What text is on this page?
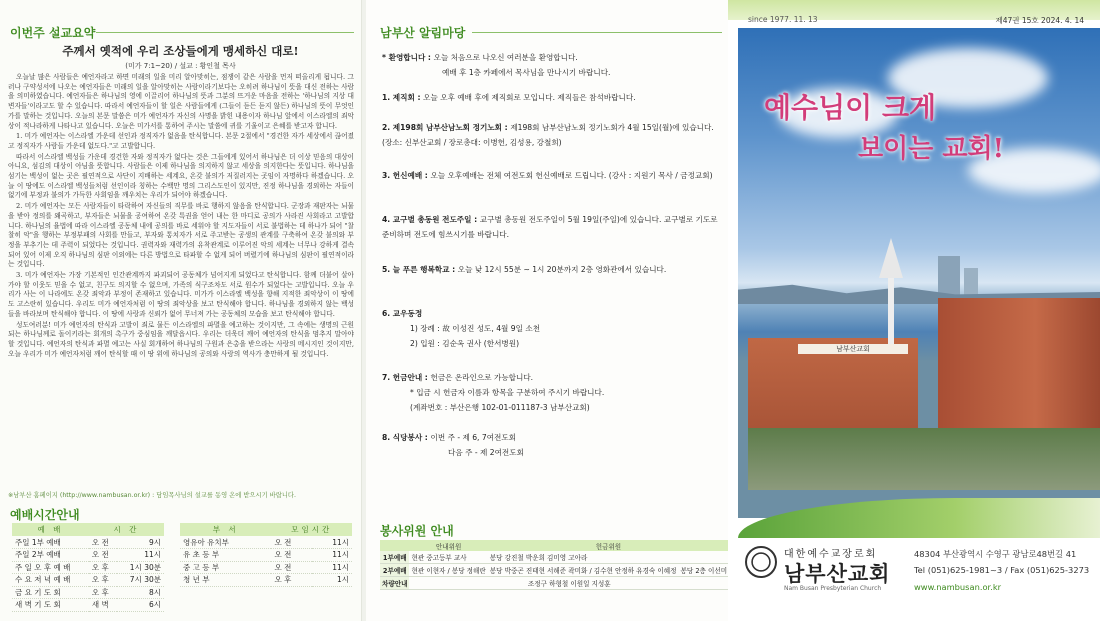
이번주 설교요약
주께서 옛적에 우리 조상들에게 맹세하신 대로!
(미가 7:1~20) / 설교 : 황인철 목사

오늘날 많은 사람들은 예언자라고 하면 미래의 일을 미리 알아맞히는, 점쟁이 같은 사람을 먼저 떠올리게 됩니다. 그러나 구약성서에 나오는 예언자들은 미래의 일을 알아맞히는 사람이라기보다는 오히려 하나님이 뜻을 대신 전하는 사람을 의미하였습니다. 예언자들은 하나님의 영에 이끌리어 하나님의 뜻과 그분의 뜨거운 마음을 전하는 '하나님의 지상 대변자들'이라고도 할 수 있습니다. 따라서 예언자들이 할 일은 사람들에게 (그들이 듣든 듣지 않든) 하나님의 뜻이 무엇인가를 말하는 것입니다. 오늘의 본문 말씀은 미가 예언자가 자신의 사명을 밝힌 내용이자 하나님 앞에서 이스라엘의 죄악상이 적나라하게 나타나고 있습니다. 오늘은 미가서를 통하여 주시는 말씀에 귀를 기울이고 은혜를 받고자 합니다.

1. 미가 예언자는 이스라엘 가운데 선인과 정직자가 없음을 탄식합니다. 본문 2절에서 "경건한 자가 세상에서 끊어졌고 정직자가 사람들 가운데 없도다."고 고발합니다.

따라서 이스라엘 백성들 가운데 경건한 자와 정직자가 없다는 것은 그들에게 있어서 하나님은 더 이상 믿음의 대상이 아니요, 섬김의 대상이 아님을 뜻합니다. 사람들은 이제 하나님을 의지하지 않고 세상을 의지한다는 뜻입니다. 하나님을 섬기는 백성이 없는 곳은 필연적으로 사단이 지배하는 세계요, 온갖 불의가 저질러지는 곳임이 자명하다 하겠습니다. 오늘 이 땅에도 이스라엘 백성들처럼 선인이라 칭하는 수백만 명의 그리스도인이 있지만, 진정 하나님을 경외하는 자들이 없기에 부정과 불의가 가득한 사회임을 깨우치는 우리가 되어야 하겠습니다.

2. 미가 예언자는 모든 사람자들이 타락하여 자신들의 직무를 바로 행하지 않음을 탄식합니다. 군장과 재판자는 뇌물을 받아 정의를 왜곡하고, 부자들은 뇌물을 공여하여 온갖 특권을 얻어 내는 한 마디로 공의가 사라진 사회라고 고발합니다. 하나님의 율법에 따라 이스라엘 공동체 내에 공의를 바로 세워야 할 지도자들이 서로 불법하는 데 하나가 되어 "찰찰히 악"을 행하는 부정부패의 사회를 만들고, 부자와 통치자가 서로 주고받는 공생의 관계를 구축하여 온갖 불의와 부정을 부추기는 데 주력이 되었다는 것입니다. 권력자와 재력가의 유착관계로 이루어진 악의 세계는 너무나 강하게 결속되어 있어 이제 오직 하나님의 심판 이외에는 다른 방법으로 타파할 수 없게 되어 버렸기에 하나님의 심판이 필연적이라는 것입니다.

3. 미가 예언자는 가장 기본적인 인간관계까지 파괴되어 공동체가 넘어지게 되었다고 탄식합니다. 함께 더불어 살아가야 할 이웃도 믿을 수 없고, 친구도 의지할 수 없으며, 가족의 식구조차도 서로 원수가 되었다는 고발입니다. 오늘 우리가 사는 이 나라에도 온갖 죄악과 부정이 존재하고 있습니다. 미가가 이스라엘 백성을 향해 지적한 죄악상이 이 땅에도 고스란히 있습니다. 우리도 미가 예언자처럼 이 땅의 죄악상을 보고 탄식해야 합니다. 하나님을 경외하지 않는 백성들을 바라보며 탄식해야 합니다. 이 땅에 사랑과 신뢰가 없어 무너져 가는 공동체의 모습을 보고 탄식해야 합니다.

성도여러분! 미가 예언자의 탄식과 고발이 죄로 물든 이스라엘의 파멸을 예고하는 것이지만, 그 속에는 생명의 근원되는 하나님께로 돌이키라는 회개의 촉구가 중심임을 깨달읍시다. 우리는 더욱더 깨어 예언자의 탄식을 멈추지 말아야 할 것입니다. 예언자의 탄식과 파멸 예고는 사실 회개하여 하나님의 구원과 은총을 받으라는 사랑의 메시지인 것이지만, 오늘 우리가 미가 예언자처럼 깨어 탄식할 때 이 땅 위에 하나님의 공의와 사랑의 역사가 충만하게 될 것입니다.

※남부산 홈페이지 (http://www.nambusan.or.kr) : 담임목사님의 설교를 동영 온에 받으시기 바랍니다.
예배시간안내
예 배	시 간	
주일 1부 예배	오 전	9시
주일 2부 예배	오 전	11시
주 일 오 후 예 배	오 후	1시 30분
수 요 저 녁 예 배	오 후	7시 30분
금 요 기 도 회	오 후	8시
새 벽 기 도 회	새 벽	6시
부 서	모임시간	
영유아 유치부	오 전	11시
유 초 등 부	오 전	11시
중 고 등 부	오 전	11시
청 년 부	오 후	1시
남부산 알림마당
* 환영합니다 : 오늘 처음으로 나오신 여러분을 환영합니다.
예배 후 1층 카페에서 목사님을 만나시기 바랍니다.
1. 제직회 : 오늘 오후 예배 후에 제직회로 모입니다. 제직들은 참석바랍니다.
2. 제198회 남부산남노회 정기노회 : 제198회 남부산남노회 정기노회가 4월 15일(월)에 있습니다. (장소: 신부산교회 / 장로총대: 이병헌, 김성용, 강철희)
3. 헌신예배 : 오늘 오후예배는 전체 여전도회 헌신예배로 드립니다. (강사 : 지원기 목사 / 금정교회)
4. 교구별 총동원 전도주일 : 교구별 총동원 전도주일이 5월 19일(주일)에 있습니다. 교구별로 기도로 준비하며 전도에 힘쓰시기를 바랍니다.
5. 늘 푸른 행복학교 : 오늘 낮 12시 55분 ~ 1시 20분까지 2층 영화관에서 있습니다.
6. 교우동정
1) 장례 : 故 이성진 성도, 4월 9일 소천
2) 입원 : 김순옥 권사 (한서병원)
7. 헌금안내 : 헌금은 온라인으로 가능합니다.
* 입금 시 헌금자 이름과 항목을 구분하여 주시기 바랍니다.
(계좌번호 : 부산은행 102-01-011187-3 남부산교회)
8. 식당봉사 : 이번 주 - 제 6, 7여전도회
다음 주 - 제 2여전도회
봉사위원 안내
	안내위원	헌금위원	
1부예배	현관 중고등부 교사	봉당 강진철 박운희 김미영 고아라	
2부예배	현관 이현자 / 봉당 정해란	봉당 박중곤 진태현 서해준 곽미화 / 김수현 안정하 유경숙 이혜정	봉당 2층 이선미
차량안내	조정구 하형철 이원일 지성훈		
since 1977. 11. 13	제47권 15호 2024. 4. 14
남부산교회
예수님이 크게
보이는 교회!
대한예수교장로회
남부산교회
Nam Busan Presbyterian Church
48304 부산광역시 수영구 광남로48번길 41
Tel (051)625-1981~3 / Fax (051)625-3273
www.nambusan.or.kr
